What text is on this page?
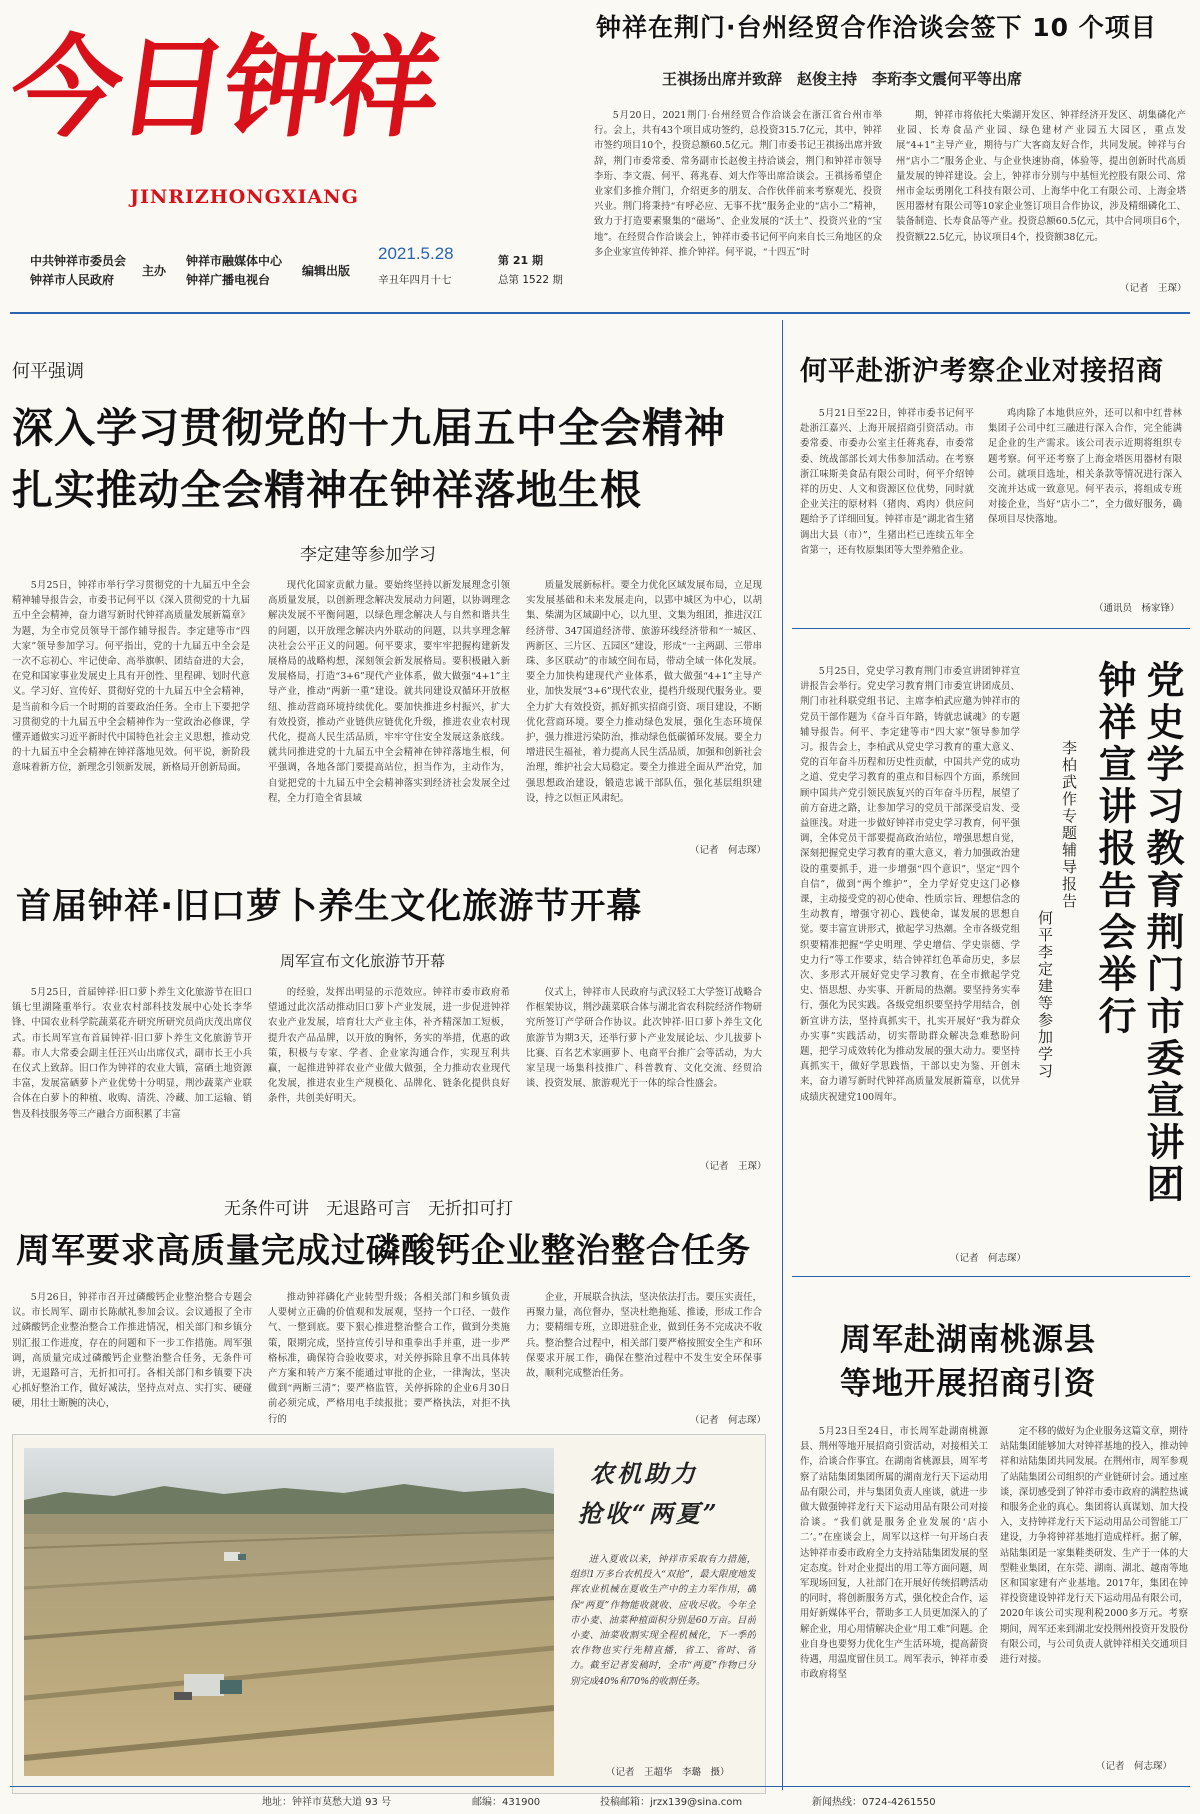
今日钟祥
JINRIZHONGXIANG
中共钟祥市委员会
钟祥市人民政府
主办
钟祥市融媒体中心
钟祥广播电视台
编辑出版
2021.5.28
辛丑年四月十七
第 21 期
总第 1522 期
钟祥在荆门·台州经贸合作洽谈会签下 10 个项目
王祺扬出席并致辞　赵俊主持　李珩李文震何平等出席
5月20日，2021荆门·台州经贸合作洽谈会在浙江省台州市举行。会上，共有43个项目成功签约，总投资315.7亿元，其中，钟祥市签约项目10个，投资总额60.5亿元。荆门市委书记王祺扬出席并致辞，荆门市委常委、常务副市长赵俊主持洽谈会，荆门和钟祥市领导李珩、李文震、何平、蒋兆春、刘大作等出席洽谈会。王祺扬希望企业家们多推介荆门，介绍更多的朋友、合作伙伴前来考察观光、投资兴业。荆门将秉持“有呼必应、无事不扰”服务企业的“店小二”精神，致力于打造要素聚集的“磁场”、企业发展的“沃土”、投资兴业的“宝地”。在经贸合作洽谈会上，钟祥市委书记何平向来自长三角地区的众多企业家宣传钟祥、推介钟祥。何平说，“十四五”时
期，钟祥市将依托大柴湖开发区、钟祥经济开发区、胡集磷化产业园、长寿食品产业园、绿色建材产业园五大园区，重点发展“4+1”主导产业，期待与广大客商友好合作，共同发展。钟祥与台州“店小二”服务企业、与企业快速协商，体验等，提出创新时代高质量发展的钟祥建设。会上，钟祥市分别与中基恒光控股有限公司、常州市金坛勇刚化工科技有限公司、上海华中化工有限公司、上海金塔医用器材有限公司等10家企业签订项目合作协议，涉及精细磷化工、装备制造、长寿食品等产业。投资总额60.5亿元，其中合同项目6个，投资额22.5亿元，协议项目4个，投资额38亿元。
（记者　王琛）
何平强调
深入学习贯彻党的十九届五中全会精神
扎实推动全会精神在钟祥落地生根
李定建等参加学习
5月25日，钟祥市举行学习贯彻党的十九届五中全会精神辅导报告会，市委书记何平以《深入贯彻党的十九届五中全会精神，奋力谱写新时代钟祥高质量发展新篇章》为题，为全市党员领导干部作辅导报告。李定建等市“四大家”领导参加学习。何平指出，党的十九届五中全会是一次不忘初心、牢记使命、高举旗帜、团结奋进的大会，在党和国家事业发展史上具有开创性、里程碑、划时代意义。学习好、宣传好、贯彻好党的十九届五中全会精神，是当前和今后一个时期的首要政治任务。全市上下要把学习贯彻党的十九届五中全会精神作为一堂政治必修课，学懂弄通做实习近平新时代中国特色社会主义思想，推动党的十九届五中全会精神在钟祥落地见效。何平说，新阶段意味着新方位，新理念引领新发展，新格局开创新局面。
现代化国家贡献力量。要始终坚持以新发展理念引领高质量发展，以创新理念解决发展动力问题，以协调理念解决发展不平衡问题，以绿色理念解决人与自然和谐共生的问题，以开放理念解决内外联动的问题，以共享理念解决社会公平正义的问题。何平要求，要牢牢把握构建新发展格局的战略构想，深刻领会新发展格局。要积极融入新发展格局，打造“3+6”现代产业体系，做大做强“4+1”主导产业，推动“两新一重”建设。就共同建设双循环开放枢纽、推动营商环境持续优化。要加快推进乡村振兴，扩大有效投资，推动产业链供应链优化升级，推进农业农村现代化，提高人民生活品质，牢牢守住安全发展这条底线。就共同推进党的十九届五中全会精神在钟祥落地生根，何平强调，各地各部门要提高站位，担当作为，主动作为，自觉把党的十九届五中全会精神落实到经济社会发展全过程，全力打造全省县域
质量发展新标杆。要全力优化区域发展布局，立足现实发展基础和未来发展走向，以郢中城区为中心，以胡集、柴湖为区域副中心，以九里、文集为组团，推进汉江经济带、347国道经济带、旅游环线经济带和“一城区、两新区、三片区、五园区”建设，形成“一主两副、三带串珠、多区联动”的市域空间布局，带动全域一体化发展。要全力加快构建现代产业体系，做大做强“4+1”主导产业，加快发展“3+6”现代农业，提档升级现代服务业。要全力扩大有效投资，抓好抓实招商引资、项目建设，不断优化营商环境。要全力推动绿色发展，强化生态环境保护，强力推进污染防治，推动绿色低碳循环发展。要全力增进民生福祉，着力提高人民生活品质，加强和创新社会治理，维护社会大局稳定。要全力推进全面从严治党，加强思想政治建设，锻造忠诚干部队伍，强化基层组织建设，持之以恒正风肃纪。
（记者　何志琛）
首届钟祥·旧口萝卜养生文化旅游节开幕
周军宣布文化旅游节开幕
5月25日，首届钟祥·旧口萝卜养生文化旅游节在旧口镇七里湖隆重举行。农业农村部科技发展中心处长李华锋、中国农业科学院蔬菜花卉研究所研究员尚庆茂出席仪式。市长周军宣布首届钟祥·旧口萝卜养生文化旅游节开幕。市人大常委会副主任汪兴山出席仪式，副市长王小兵在仪式上致辞。旧口作为钟祥的农业大镇，富硒土地资源丰富，发展富硒萝卜产业优势十分明显，荆沙蔬菜产业联合体在白萝卜的种植、收购、清洗、冷藏、加工运输、销售及科技服务等三产融合方面积累了丰富
的经验，发挥出明显的示范效应。钟祥市委市政府希望通过此次活动推动旧口萝卜产业发展，进一步促进钟祥农业产业发展，培育壮大产业主体，补齐精深加工短板，提升农产品品牌，以开放的胸怀，务实的举措，优惠的政策，积极与专家、学者、企业家沟通合作，实现互利共赢，一起推进钟祥农业产业做大做强，全力推动农业现代化发展，推进农业生产规模化、品牌化、链条化提供良好条件，共创美好明天。
仪式上，钟祥市人民政府与武汉轻工大学签订战略合作框架协议，荆沙蔬菜联合体与湖北省农科院经济作物研究所签订产学研合作协议。此次钟祥·旧口萝卜养生文化旅游节为期3天，还举行萝卜产业发展论坛、少儿拔萝卜比赛、百名艺术家画萝卜、电商平台推广会等活动，为大家呈现一场集科技推广、科普教育、文化交流、经贸洽谈、投资发展、旅游观光于一体的综合性盛会。
（记者　王琛）
无条件可讲　无退路可言　无折扣可打
周军要求高质量完成过磷酸钙企业整治整合任务
5月26日，钟祥市召开过磷酸钙企业整治整合专题会议。市长周军、副市长陈献礼参加会议。会议通报了全市过磷酸钙企业整治整合工作推进情况，相关部门和乡镇分别汇报工作进度，存在的问题和下一步工作措施。周军强调，高质量完成过磷酸钙企业整治整合任务，无条件可讲，无退路可言，无折扣可打。各相关部门和乡镇要下决心抓好整治工作，做好减法，坚持点对点、实打实、硬碰硬，用壮士断腕的决心，
推动钟祥磷化产业转型升级；各相关部门和乡镇负责人要树立正确的价值观和发展观，坚持一个口径、一鼓作气、一整到底。要下狠心推进整治整合工作，做到分类施策，限期完成，坚持宣传引导和重拳出手并重，进一步严格标准，确保符合验收要求，对关停拆除且拿不出具体转产方案和转产方案不能通过审批的企业，一律淘汰，坚决做到“两断三清”；要严格监管，关停拆除的企业6月30日前必须完成，严格用电手续报批；要严格执法，对拒不执行的
企业，开展联合执法，坚决依法打击。要压实责任，再聚力量，高位督办，坚决杜绝拖延、推诿，形成工作合力；要精细专班，立即进驻企业，做到任务不完成决不收兵。整治整合过程中，相关部门要严格按照安全生产和环保要求开展工作，确保在整治过程中不发生安全环保事故，顺利完成整治任务。
（记者　何志琛）
农机助力
抢收“两夏”
进入夏收以来，钟祥市采取有力措施，组织1万多台农机投入“双抢”，最大限度地发挥农业机械在夏收生产中的主力军作用，确保“两夏”作物能收就收、应收尽收。今年全市小麦、油菜种植面积分别是60万亩。目前小麦、油菜收割实现全程机械化，下一季的农作物也实行先精直播，省工、省时、省力。截至记者发稿时，全市“两夏”作物已分别完成40%和70%的收割任务。
（记者　王超华　李璐　摄）
何平赴浙沪考察企业对接招商
5月21日至22日，钟祥市委书记何平赴浙江嘉兴、上海开展招商引资活动。市委常委、市委办公室主任蒋兆春，市委常委、统战部部长刘大伟参加活动。在考察浙江味斯美食品有限公司时，何平介绍钟祥的历史、人文和资源区位优势，同时就企业关注的原材料（猪肉、鸡肉）供应问题给予了详细回复。钟祥市是“湖北省生猪调出大县（市）”，生猪出栏已连续五年全省第一，还有牧原集团等大型养殖企业。
鸡肉除了本地供应外，还可以和中红普林集团子公司中红三融进行深入合作，完全能满足企业的生产需求。该公司表示近期将组织专题考察。何平还考察了上海金塔医用器材有限公司。就项目选址，相关条款等情况进行深入交流并达成一致意见。何平表示，将组成专班对接企业，当好“店小二”，全力做好服务，确保项目尽快落地。
（通讯员　杨家锋）
党史学习教育荆门市委宣讲团
钟祥宣讲报告会举行
李柏武作专题辅导报告
何平李定建等参加学习
5月25日，党史学习教育荆门市委宣讲团钟祥宣讲报告会举行。党史学习教育荆门市委宣讲团成员、荆门市社科联党组书记、主席李柏武应邀为钟祥市的党员干部作题为《奋斗百年路，铸就忠诚魂》的专题辅导报告。何平、李定建等市“四大家”领导参加学习。报告会上，李柏武从党史学习教育的重大意义、党的百年奋斗历程和历史性贡献，中国共产党的成功之道、党史学习教育的重点和目标四个方面，系统回顾中国共产党引领民族复兴的百年奋斗历程，展望了前方奋进之路，让参加学习的党员干部深受启发、受益匪浅。对进一步做好钟祥市党史学习教育，何平强调，全体党员干部要提高政治站位，增强思想自觉，深刻把握党史学习教育的重大意义，着力加强政治建设的重要抓手，进一步增强“四个意识”，坚定“四个自信”，做到“两个维护”，全力学好党史这门必修课，主动接受党的初心使命、性质宗旨、理想信念的生动教育，增强守初心、践使命，谋发展的思想自觉。要丰富宣讲形式，掀起学习热潮。全市各级党组织要精准把握“学史明理、学史增信、学史崇德、学史力行”等工作要求，结合钟祥红色革命历史，多层次、多形式开展好党史学习教育，在全市掀起学党史、悟思想、办实事、开新局的热潮。要坚持务实奉行，强化为民实践。各级党组织要坚持学用结合，创新宣讲方法，坚持真抓实干，扎实开展好“我为群众办实事”实践活动，切实帮助群众解决急难愁盼问题，把学习成效转化为推动发展的强大动力。要坚持真抓实干，做好学思践悟，干部以史为鉴、开创未来，奋力谱写新时代钟祥高质量发展新篇章，以优异成绩庆祝建党100周年。
（记者　何志琛）
周军赴湖南桃源县
等地开展招商引资
5月23日至24日，市长周军赴湖南桃源县、荆州等地开展招商引资活动，对接相关工作，洽谈合作事宜。在湖南省桃源县，周军考察了站陆集团集团所属的湖南龙行天下运动用品有限公司，并与集团负责人座谈，就进一步做大做强钟祥龙行天下运动用品有限公司对接洽谈。“我们就是服务企业发展的‘店小二’。”在座谈会上，周军以这样一句开场白表达钟祥市委市政府全力支持站陆集团发展的坚定态度。针对企业提出的用工等方面问题，周军现场回复，人社部门在开展好传统招聘活动的同时，将创新服务方式，强化校企合作，运用好新媒体平台，帮助多工人员更加深入的了解企业，用心用情解决企业“用工难”问题。企业自身也要努力优化生产生活环境，提高薪资待遇，用温度留住员工。周军表示，钟祥市委市政府将坚
定不移的做好为企业服务这篇文章，期待站陆集团能够加大对钟祥基地的投入，推动钟祥和站陆集团共同发展。在荆州市，周军参观了站陆集团公司组织的产业链研讨会。通过座谈，深切感受到了钟祥市委市政府的满腔热诚和服务企业的真心。集团将认真谋划、加大投入，支持钟祥龙行天下运动用品公司智能工厂建设，力争将钟祥基地打造成样杆。据了解，站陆集团是一家集鞋类研发、生产于一体的大型鞋业集团，在东莞、湖南、湖北、越南等地区和国家建有产业基地。2017年，集团在钟祥投资建设钟祥龙行天下运动用品有限公司，2020年该公司实现利税2000多万元。考察期间，周军还来到湖北安投荆州投资开发股份有限公司，与公司负责人就钟祥相关交通项目进行对接。
（记者　何志琛）
地址：钟祥市莫愁大道 93 号	邮编：431900	投稿邮箱：jrzx139@sina.com	新闻热线：0724-4261550
